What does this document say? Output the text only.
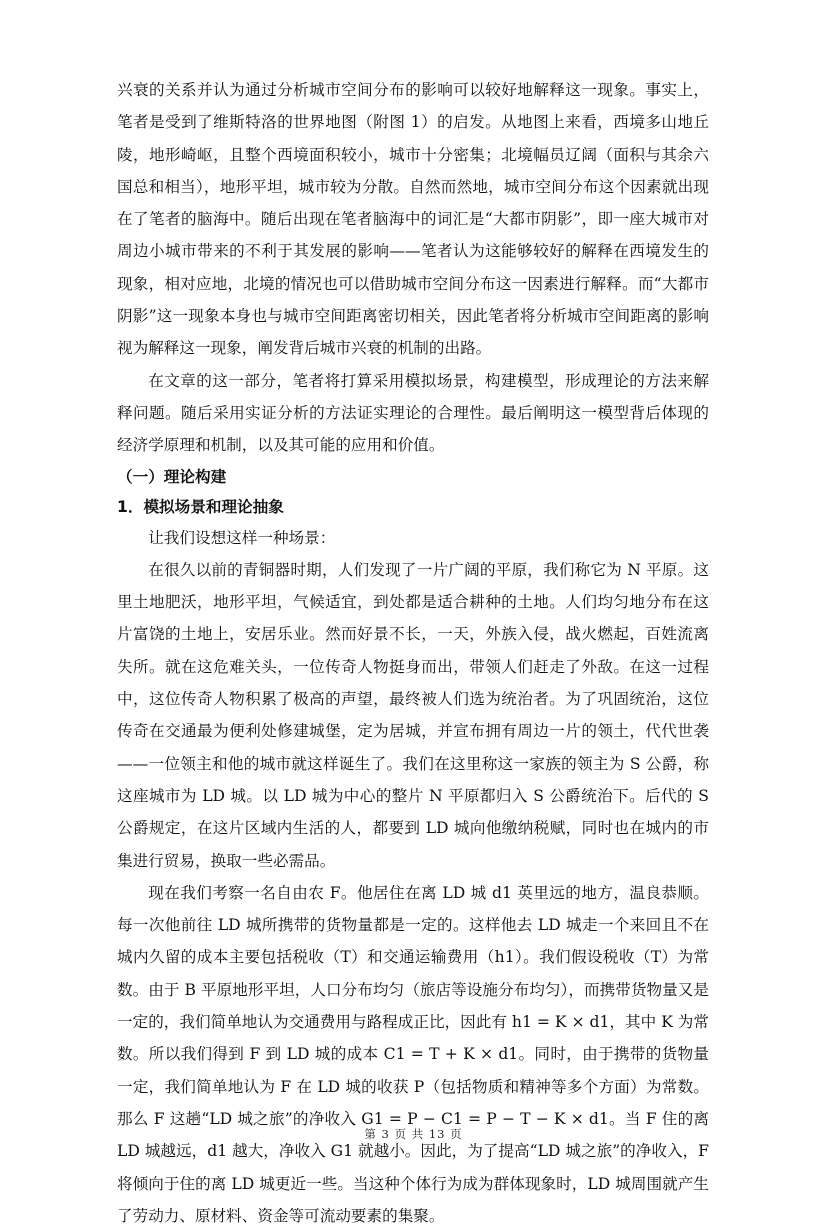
兴衰的关系并认为通过分析城市空间分布的影响可以较好地解释这一现象。事实上，笔者是受到了维斯特洛的世界地图（附图 1）的启发。从地图上来看，西境多山地丘陵，地形崎岖，且整个西境面积较小，城市十分密集；北境幅员辽阔（面积与其余六国总和相当），地形平坦，城市较为分散。自然而然地，城市空间分布这个因素就出现在了笔者的脑海中。随后出现在笔者脑海中的词汇是“大都市阴影”，即一座大城市对周边小城市带来的不利于其发展的影响——笔者认为这能够较好的解释在西境发生的现象，相对应地，北境的情况也可以借助城市空间分布这一因素进行解释。而“大都市阴影”这一现象本身也与城市空间距离密切相关，因此笔者将分析城市空间距离的影响视为解释这一现象，阐发背后城市兴衰的机制的出路。

在文章的这一部分，笔者将打算采用模拟场景，构建模型，形成理论的方法来解释问题。随后采用实证分析的方法证实理论的合理性。最后阐明这一模型背后体现的经济学原理和机制，以及其可能的应用和价值。

（一）理论构建
1．模拟场景和理论抽象

让我们设想这样一种场景：

在很久以前的青铜器时期，人们发现了一片广阔的平原，我们称它为 N 平原。这里土地肥沃，地形平坦，气候适宜，到处都是适合耕种的土地。人们均匀地分布在这片富饶的土地上，安居乐业。然而好景不长，一天，外族入侵，战火燃起，百姓流离失所。就在这危难关头，一位传奇人物挺身而出，带领人们赶走了外敌。在这一过程中，这位传奇人物积累了极高的声望，最终被人们选为统治者。为了巩固统治，这位传奇在交通最为便利处修建城堡，定为居城，并宣布拥有周边一片的领土，代代世袭——一位领主和他的城市就这样诞生了。我们在这里称这一家族的领主为 S 公爵，称这座城市为 LD 城。以 LD 城为中心的整片 N 平原都归入 S 公爵统治下。后代的 S 公爵规定，在这片区域内生活的人，都要到 LD 城向他缴纳税赋，同时也在城内的市集进行贸易，换取一些必需品。

现在我们考察一名自由农 F。他居住在离 LD 城 d1 英里远的地方，温良恭顺。每一次他前往 LD 城所携带的货物量都是一定的。这样他去 LD 城走一个来回且不在城内久留的成本主要包括税收（T）和交通运输费用（h1）。我们假设税收（T）为常数。由于 B 平原地形平坦，人口分布均匀（旅店等设施分布均匀），而携带货物量又是一定的，我们简单地认为交通费用与路程成正比，因此有 h1 = K × d1，其中 K 为常数。所以我们得到 F 到 LD 城的成本 C1 = T + K × d1。同时，由于携带的货物量一定，我们简单地认为 F 在 LD 城的收获 P（包括物质和精神等多个方面）为常数。那么 F 这趟“LD 城之旅”的净收入 G1 = P − C1 = P − T − K × d1。当 F 住的离 LD 城越远，d1 越大，净收入 G1 就越小。因此，为了提高“LD 城之旅”的净收入，F 将倾向于住的离 LD 城更近一些。当这种个体行为成为群体现象时，LD 城周围就产生了劳动力、原材料、资金等可流动要素的集聚。

第 3 页 共 13 页
